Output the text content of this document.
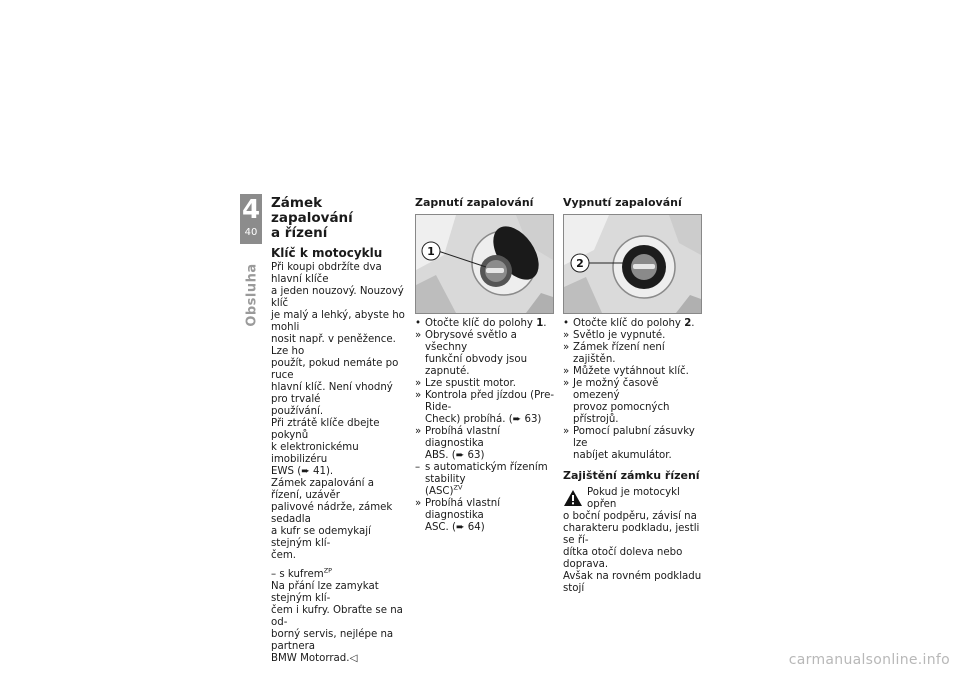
4
40
Obsluha
Zámek zapalování
a řízení
Klíč k motocyklu

Při koupi obdržíte dva hlavní klíče
a jeden nouzový. Nouzový klíč
je malý a lehký, abyste ho mohli
nosit např. v peněžence. Lze ho
použít, pokud nemáte po ruce
hlavní klíč. Není vhodný pro trvalé
používání.

Při ztrátě klíče dbejte pokynů
k elektronickému imobilizéru
EWS (➨ 41).

Zámek zapalování a řízení, uzávěr
palivové nádrže, zámek sedadla
a kufr se odemykají stejným klí-
čem.

– s kufrem$^{ZP}$

Na přání lze zamykat stejným klí-
čem i kufry. Obraťte se na od-
borný servis, nejlépe na partnera
BMW Motorrad.◁

Zapnutí zapalování
1
• Otočte klíč do polohy 1.
» Obrysové světlo a všechny
funkční obvody jsou zapnuté.
» Lze spustit motor.
» Kontrola před jízdou (Pre-Ride-
Check) probíhá. (➨ 63)
» Probíhá vlastní diagnostika
ABS. (➨ 63)
– s automatickým řízením stability
(ASC)$^{ZV}$
» Probíhá vlastní diagnostika
ASC. (➨ 64)
Vypnutí zapalování
2
• Otočte klíč do polohy 2.
» Světlo je vypnuté.
» Zámek řízení není zajištěn.
» Můžete vytáhnout klíč.
» Je možný časově omezený
provoz pomocných přístrojů.
» Pomocí palubní zásuvky lze
nabíjet akumulátor.
Zajištění zámku řízení

Pokud je motocykl opřen
o boční podpěru, závisí na
charakteru podkladu, jestli se ří-
dítka otočí doleva nebo doprava.
Avšak na rovném podkladu stojí

carmanualsonline.info
